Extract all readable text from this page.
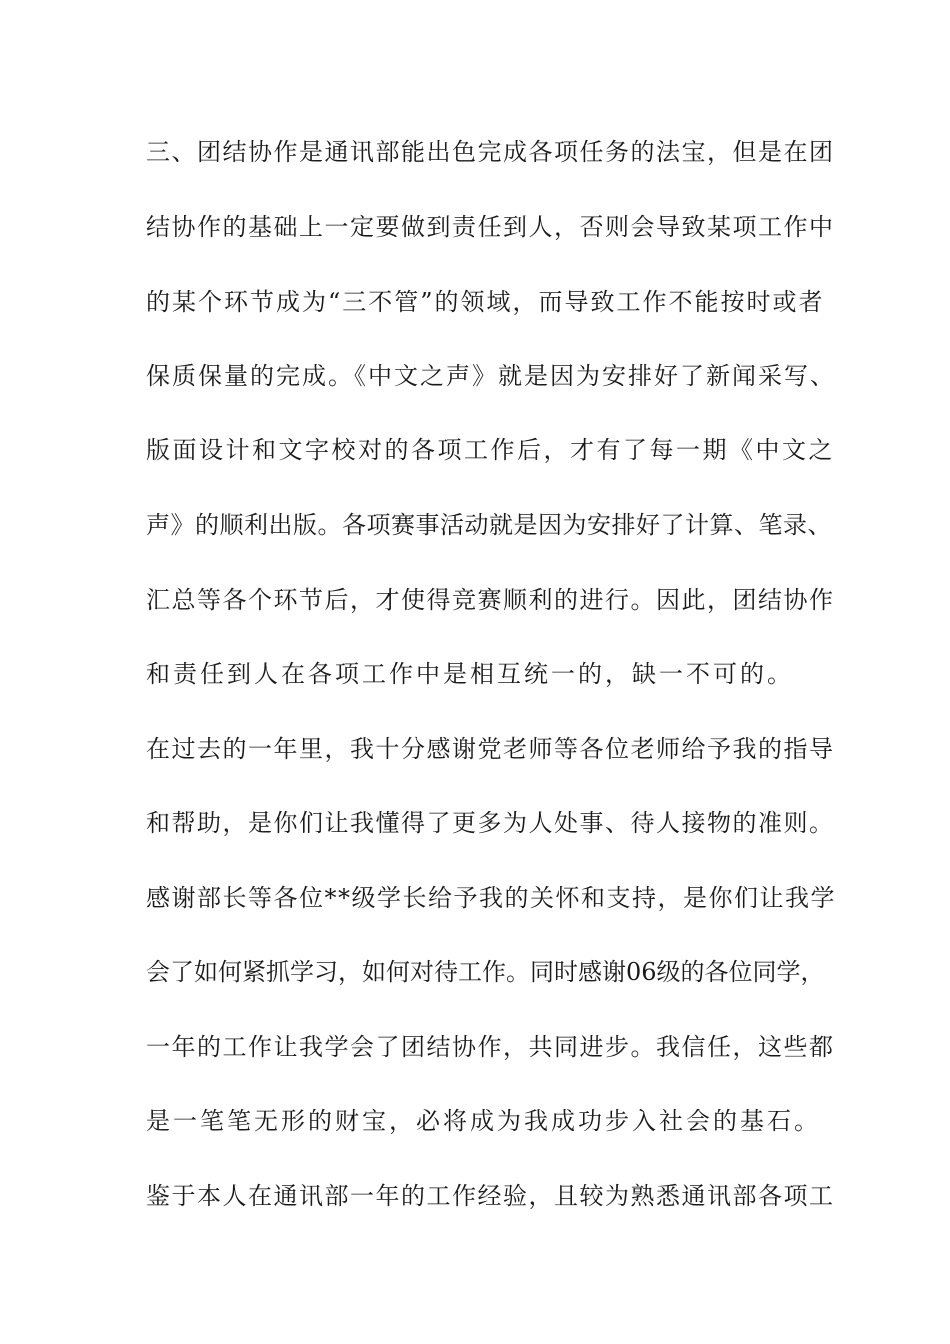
三、团结协作是通讯部能出色完成各项任务的法宝，但是在团
结协作的基础上一定要做到责任到人，否则会导致某项工作中
的某个环节成为“三不管”的领域，而导致工作不能按时或者
保质保量的完成。《中文之声》就是因为安排好了新闻采写、
版面设计和文字校对的各项工作后，才有了每一期《中文之
声》的顺利出版。各项赛事活动就是因为安排好了计算、笔录、
汇总等各个环节后，才使得竞赛顺利的进行。因此，团结协作
和责任到人在各项工作中是相互统一的，缺一不可的。
在过去的一年里，我十分感谢党老师等各位老师给予我的指导
和帮助，是你们让我懂得了更多为人处事、待人接物的准则。
感谢部长等各位**级学长给予我的关怀和支持，是你们让我学
会了如何紧抓学习，如何对待工作。同时感谢06级的各位同学，
一年的工作让我学会了团结协作，共同进步。我信任，这些都
是一笔笔无形的财宝，必将成为我成功步入社会的基石。
鉴于本人在通讯部一年的工作经验，且较为熟悉通讯部各项工
